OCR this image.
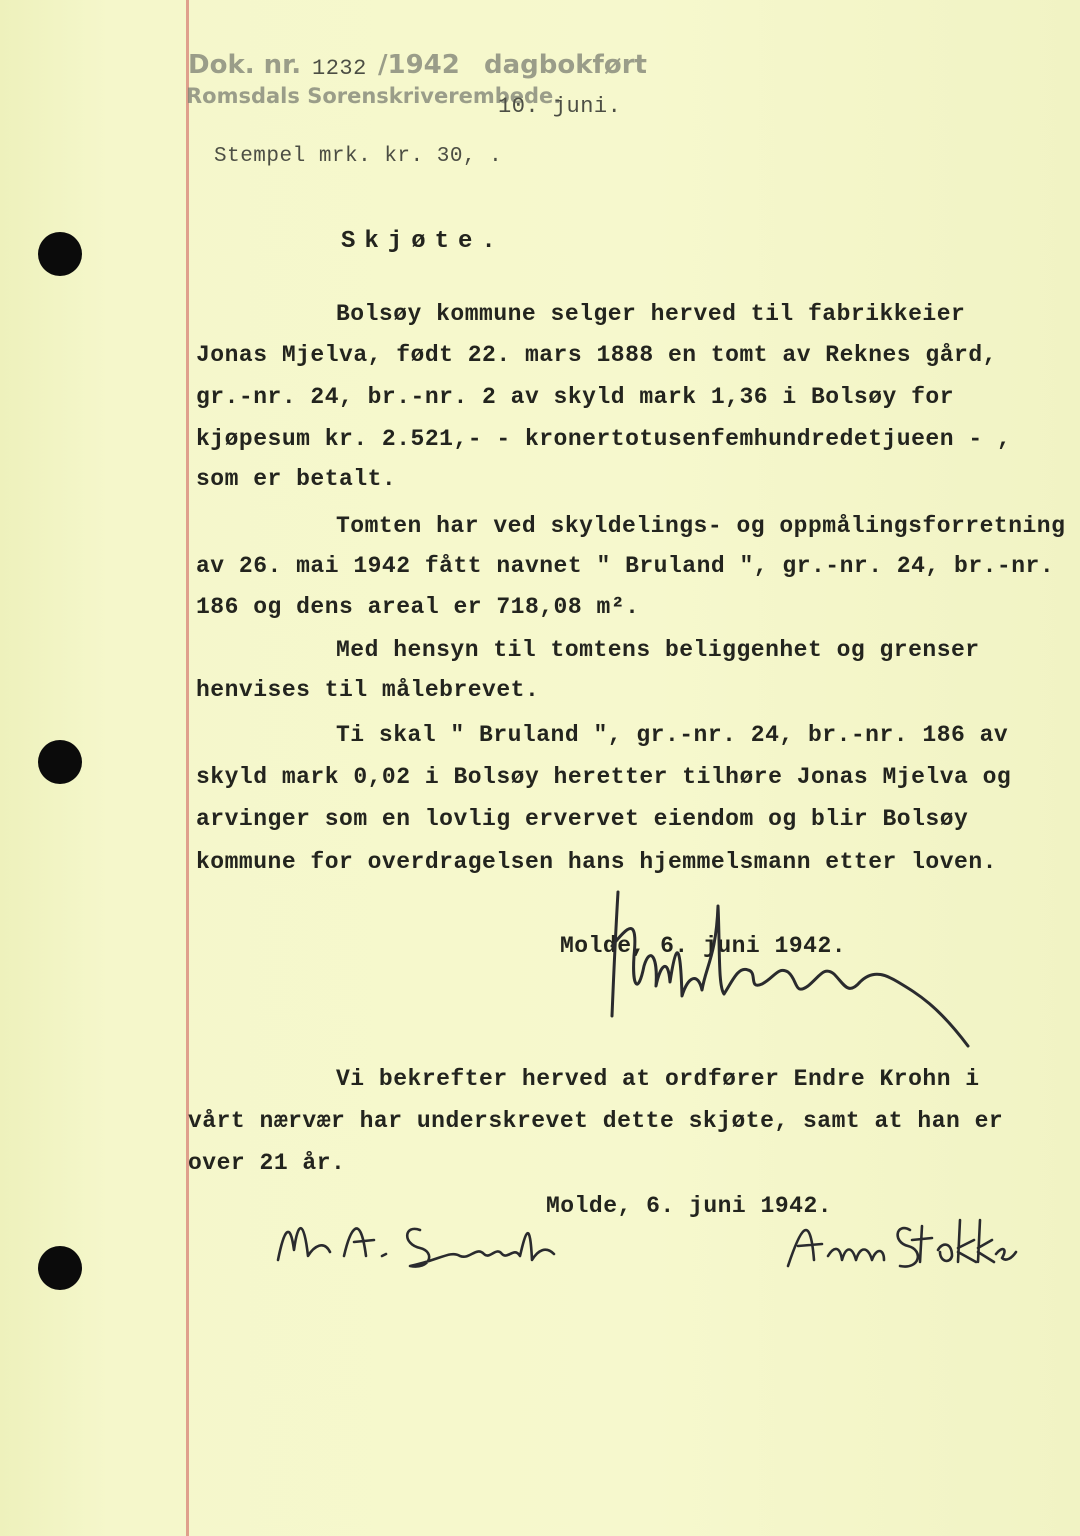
Dok. nr. 1232 /1942 dagbokført
Romsdals Sorenskriverembede.
10. juni.
Stempel mrk. kr. 30, .
Skjøte.
Bolsøy kommune selger herved til fabrikkeier
Jonas Mjelva, født 22. mars 1888 en tomt av Reknes gård,
gr.-nr. 24, br.-nr. 2 av skyld mark 1,36 i Bolsøy for
kjøpesum kr. 2.521,- - kronertotusenfemhundredetjueen - ,
som er betalt.
Tomten har ved skyldelings- og oppmålingsforretning
av 26. mai 1942 fått navnet " Bruland ", gr.-nr. 24, br.-nr.
186 og dens areal er 718,08 m².
Med hensyn til tomtens beliggenhet og grenser
henvises til målebrevet.
Ti skal " Bruland ", gr.-nr. 24, br.-nr. 186 av
skyld mark 0,02 i Bolsøy heretter tilhøre Jonas Mjelva og
arvinger som en lovlig ervervet eiendom og blir Bolsøy
kommune for overdragelsen hans hjemmelsmann etter loven.
Molde, 6. juni 1942.
Vi bekrefter herved at ordfører Endre Krohn i
vårt nærvær har underskrevet dette skjøte, samt at han er
over 21 år.
Molde, 6. juni 1942.
